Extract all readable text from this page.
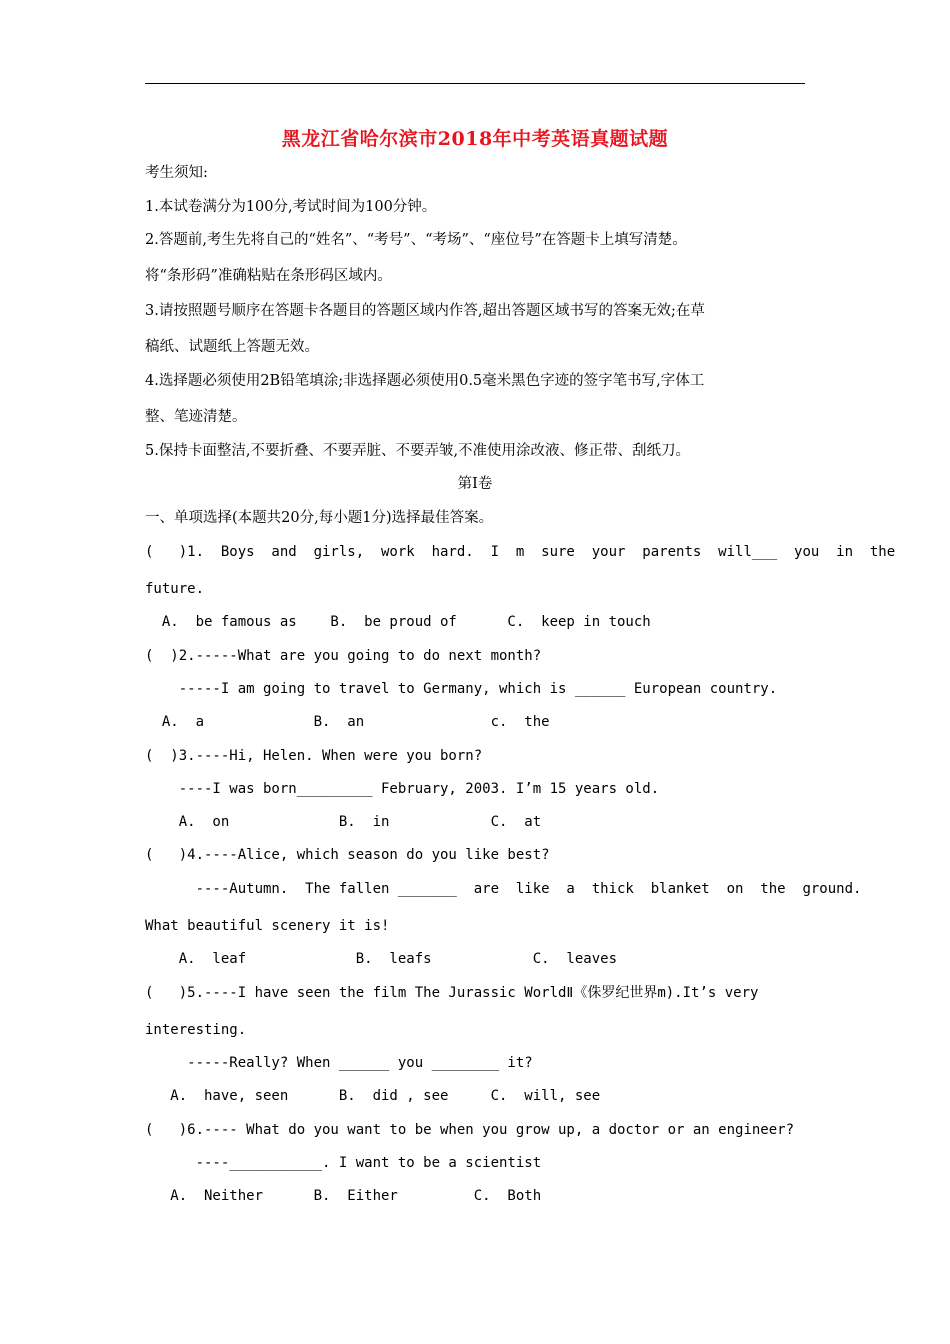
黑龙江省哈尔滨市2018年中考英语真题试题
考生须知:
1.本试卷满分为100分,考试时间为100分钟。
2.答题前,考生先将自己的“姓名”、“考号”、“考场”、“座位号”在答题卡上填写清楚。
将“条形码”准确粘贴在条形码区域内。
3.请按照题号顺序在答题卡各题目的答题区域内作答,超出答题区域书写的答案无效;在草
稿纸、试题纸上答题无效。
4.选择题必须使用2B铅笔填涂;非选择题必须使用0.5毫米黑色字迹的签字笔书写,字体工
整、笔迹清楚。
5.保持卡面整洁,不要折叠、不要弄脏、不要弄皱,不准使用涂改液、修正带、刮纸刀。
第I卷
一、单项选择(本题共20分,每小题1分)选择最佳答案。
(   )1.  Boys  and  girls,  work  hard.  I  m  sure  your  parents  will___  you  in  the
future.
A.  be famous as    B.  be proud of      C.  keep in touch
(  )2.-----What are you going to do next month?
-----I am going to travel to Germany, which is ______ European country.
A.  a             B.  an               c.  the
(  )3.----Hi, Helen. When were you born?
----I was born_________ February, 2003. I’m 15 years old.
A.  on             B.  in            C.  at
(   )4.----Alice, which season do you like best?
----Autumn.  The fallen _______  are  like  a  thick  blanket  on  the  ground.
What beautiful scenery it is!
A.  leaf             B.  leafs            C.  leaves
(   )5.----I have seen the film The Jurassic WorldⅡ《侏罗纪世界m).It’s very
interesting.
-----Really? When ______ you ________ it?
A.  have, seen      B.  did , see     C.  will, see
(   )6.---- What do you want to be when you grow up, a doctor or an engineer?
----___________. I want to be a scientist
A.  Neither      B.  Either         C.  Both
